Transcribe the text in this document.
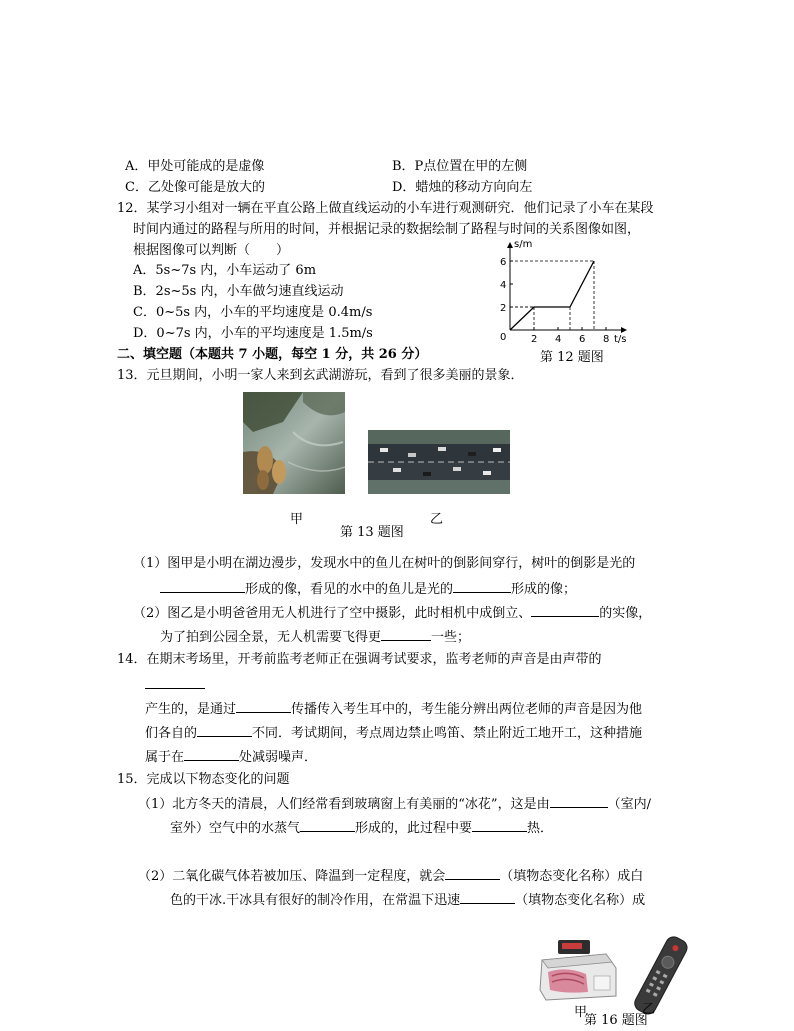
A．甲处可能成的是虚像	B．P点位置在甲的左侧
C．乙处像可能是放大的	D．蜡烛的移动方向向左
12．某学习小组对一辆在平直公路上做直线运动的小车进行观测研究．他们记录了小车在某段
时间内通过的路程与所用的时间，并根据记录的数据绘制了路程与时间的关系图像如图，
根据图像可以判断（　　）
A．5s~7s 内，小车运动了 6m
B．2s~5s 内，小车做匀速直线运动
C．0~5s 内，小车的平均速度是 0.4m/s
D．0~7s 内，小车的平均速度是 1.5m/s	t/s
s/m
0 2 4 6 8
2
4
6
第 12 题图
二、填空题（本题共 7 小题，每空 1 分，共 26 分）
13．元旦期间，小明一家人来到玄武湖游玩，看到了很多美丽的景象．
甲	乙
第 13 题图
（1）图甲是小明在湖边漫步，发现水中的鱼儿在树叶的倒影间穿行，树叶的倒影是光的
形成的像，看见的水中的鱼儿是光的	形成的像；
（2）图乙是小明爸爸用无人机进行了空中摄影，此时相机中成倒立、	的实像，
为了拍到公园全景，无人机需要飞得更	一些；
14．在期末考场里，开考前监考老师正在强调考试要求，监考老师的声音是由声带的
产生的，是通过	传播传入考生耳中的，考生能分辨出两位老师的声音是因为他
们各自的	不同．考试期间，考点周边禁止鸣笛、禁止附近工地开工，这种措施
属于在	处减弱噪声．
15．完成以下物态变化的问题
（1）北方冬天的清晨，人们经常看到玻璃窗上有美丽的“冰花”，这是由	（室内/
室外）空气中的水蒸气	形成的，此过程中要	热．
（2）二氧化碳气体若被加压、降温到一定程度，就会	（填物态变化名称）成白
色的干冰.干冰具有很好的制冷作用，在常温下迅速	（填物态变化名称）成
甲	乙
第 16 题图
